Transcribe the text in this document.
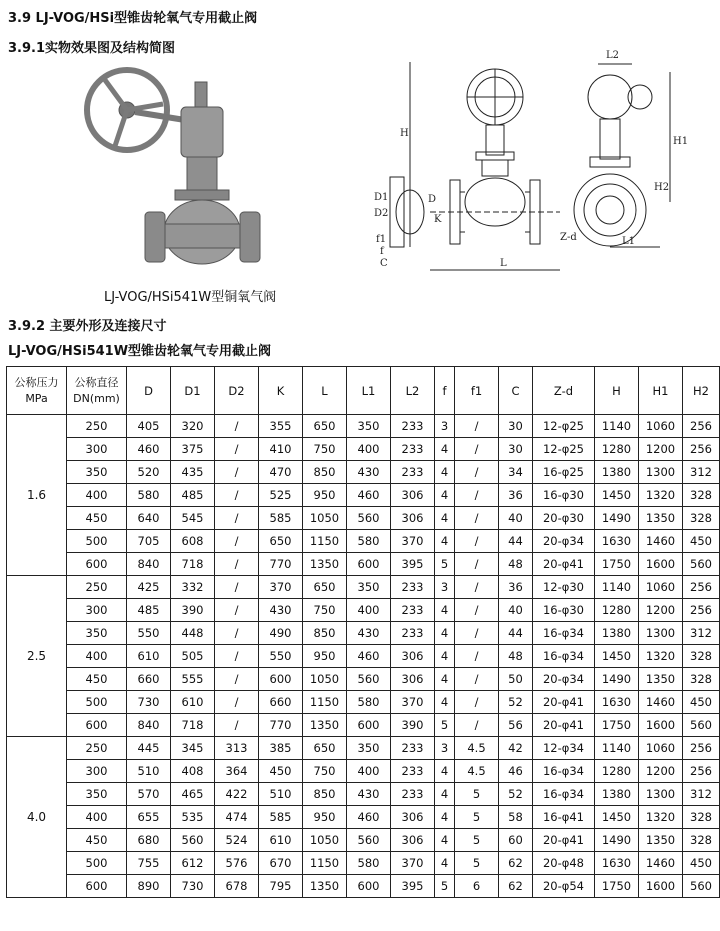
3.9 LJ-VOG/HSi型锥齿轮氧气专用截止阀
3.9.1实物效果图及结构简图	L2
H
H1
H2
D1
D2
D
f1
f
C
K
L
Z-d	L1
LJ-VOG/HSi541W型铜氧气阀
3.9.2 主要外形及连接尺寸
LJ-VOG/HSi541W型锥齿轮氧气专用截止阀
公称压力MPa	公称直径DN(mm)	D	D1	D2	K	L	L1	L2	f	f1	C	Z-d	H	H1	H2
1.6	250	405	320	/	355	650	350	233	3	/	30	12-φ25	1140	1060	256
	300	460	375	/	410	750	400	233	4	/	30	12-φ25	1280	1200	256
	350	520	435	/	470	850	430	233	4	/	34	16-φ25	1380	1300	312
	400	580	485	/	525	950	460	306	4	/	36	16-φ30	1450	1320	328
	450	640	545	/	585	1050	560	306	4	/	40	20-φ30	1490	1350	328
	500	705	608	/	650	1150	580	370	4	/	44	20-φ34	1630	1460	450
	600	840	718	/	770	1350	600	395	5	/	48	20-φ41	1750	1600	560
2.5	250	425	332	/	370	650	350	233	3	/	36	12-φ30	1140	1060	256
	300	485	390	/	430	750	400	233	4	/	40	16-φ30	1280	1200	256
	350	550	448	/	490	850	430	233	4	/	44	16-φ34	1380	1300	312
	400	610	505	/	550	950	460	306	4	/	48	16-φ34	1450	1320	328
	450	660	555	/	600	1050	560	306	4	/	50	20-φ34	1490	1350	328
	500	730	610	/	660	1150	580	370	4	/	52	20-φ41	1630	1460	450
	600	840	718	/	770	1350	600	390	5	/	56	20-φ41	1750	1600	560
4.0	250	445	345	313	385	650	350	233	3	4.5	42	12-φ34	1140	1060	256
	300	510	408	364	450	750	400	233	4	4.5	46	16-φ34	1280	1200	256
	350	570	465	422	510	850	430	233	4	5	52	16-φ34	1380	1300	312
	400	655	535	474	585	950	460	306	4	5	58	16-φ41	1450	1320	328
	450	680	560	524	610	1050	560	306	4	5	60	20-φ41	1490	1350	328
	500	755	612	576	670	1150	580	370	4	5	62	20-φ48	1630	1460	450
	600	890	730	678	795	1350	600	395	5	6	62	20-φ54	1750	1600	560
